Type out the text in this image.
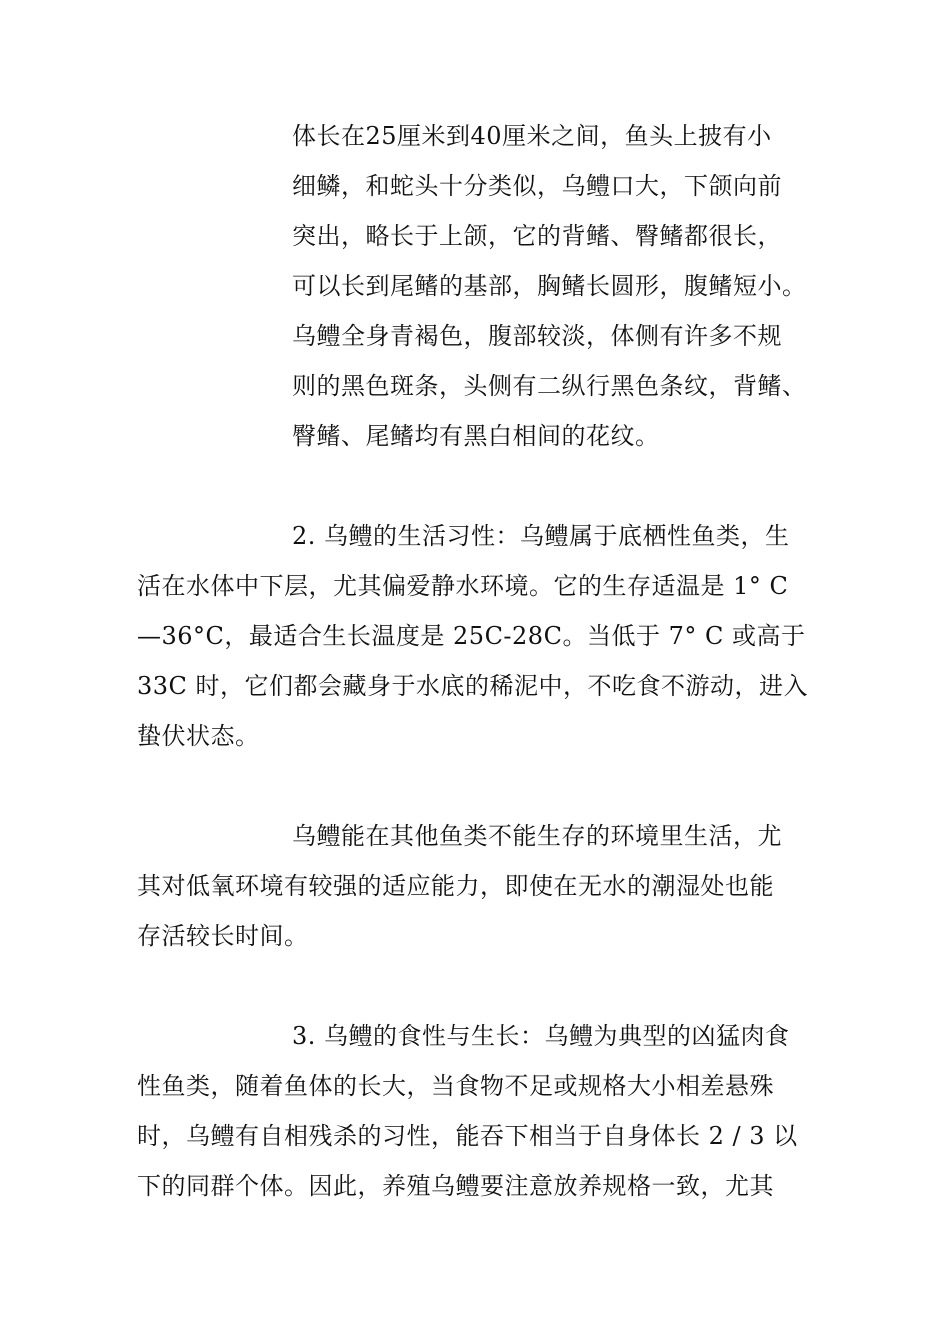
体长在25厘米到40厘米之间，鱼头上披有小
细鳞，和蛇头十分类似，乌鳢口大，下颌向前
突出，略长于上颌，它的背鳍、臀鳍都很长，
可以长到尾鳍的基部，胸鳍长圆形，腹鳍短小。
乌鳢全身青褐色，腹部较淡，体侧有许多不规
则的黑色斑条，头侧有二纵行黑色条纹，背鳍、
臀鳍、尾鳍均有黑白相间的花纹。
2. 乌鳢的生活习性：乌鳢属于底栖性鱼类，生
活在水体中下层，尤其偏爱静水环境。它的生存适温是 1° C
—36°C，最适合生长温度是 25C-28C。当低于 7° C 或高于
33C 时，它们都会藏身于水底的稀泥中，不吃食不游动，进入
蛰伏状态。
乌鳢能在其他鱼类不能生存的环境里生活，尤
其对低氧环境有较强的适应能力，即使在无水的潮湿处也能
存活较长时间。
3. 乌鳢的食性与生长：乌鳢为典型的凶猛肉食
性鱼类，随着鱼体的长大，当食物不足或规格大小相差悬殊
时，乌鳢有自相残杀的习性，能吞下相当于自身体长 2 / 3 以
下的同群个体。因此，养殖乌鳢要注意放养规格一致，尤其
